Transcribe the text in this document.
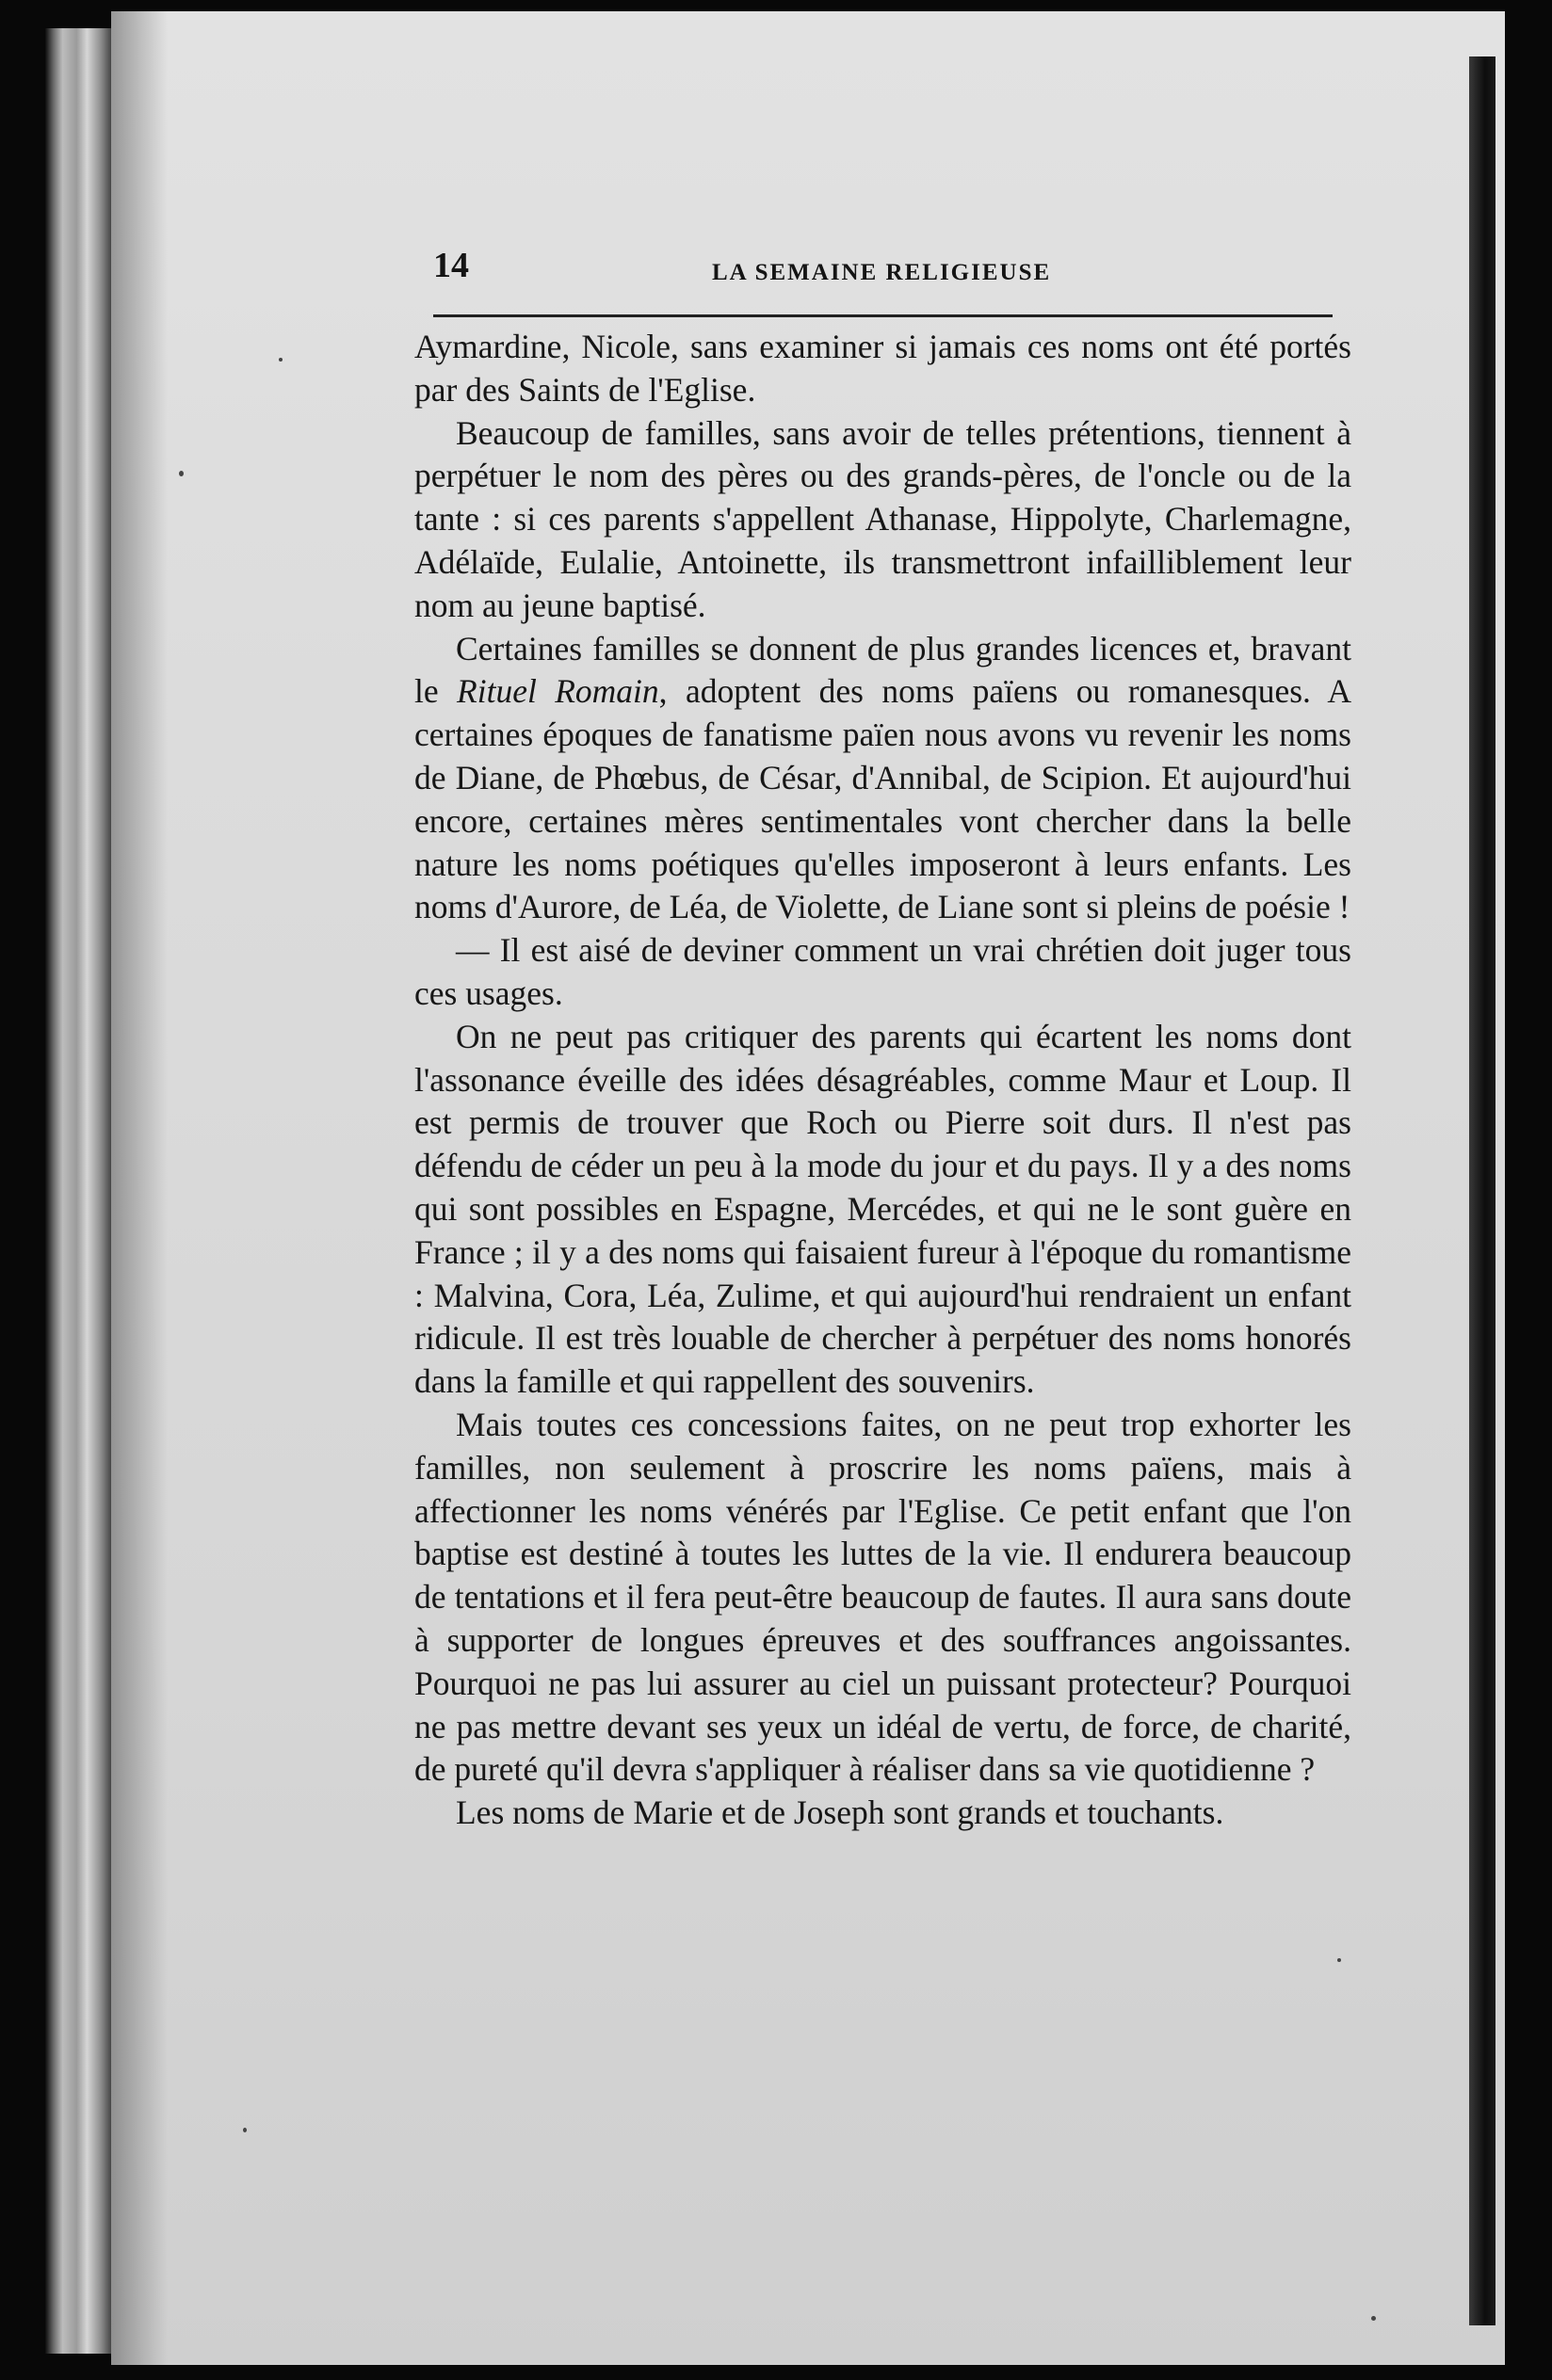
14	LA SEMAINE RELIGIEUSE

Aymardine, Nicole, sans examiner si jamais ces noms ont été portés par des Saints de l'Eglise.

Beaucoup de familles, sans avoir de telles prétentions, tiennent à perpétuer le nom des pères ou des grands-pères, de l'oncle ou de la tante : si ces parents s'appellent Athanase, Hippolyte, Charlemagne, Adélaïde, Eulalie, Antoinette, ils transmettront infailliblement leur nom au jeune baptisé.

Certaines familles se donnent de plus grandes licences et, bravant le Rituel Romain, adoptent des noms païens ou romanesques. A certaines époques de fanatisme païen nous avons vu revenir les noms de Diane, de Phœbus, de César, d'Annibal, de Scipion. Et aujourd'hui encore, certaines mères sentimentales vont chercher dans la belle nature les noms poétiques qu'elles imposeront à leurs enfants. Les noms d'Aurore, de Léa, de Violette, de Liane sont si pleins de poésie !

— Il est aisé de deviner comment un vrai chrétien doit juger tous ces usages.

On ne peut pas critiquer des parents qui écartent les noms dont l'assonance éveille des idées désagréables, comme Maur et Loup. Il est permis de trouver que Roch ou Pierre soit durs. Il n'est pas défendu de céder un peu à la mode du jour et du pays. Il y a des noms qui sont possibles en Espagne, Mercédes, et qui ne le sont guère en France ; il y a des noms qui faisaient fureur à l'époque du romantisme : Malvina, Cora, Léa, Zulime, et qui aujourd'hui rendraient un enfant ridicule. Il est très louable de chercher à perpétuer des noms honorés dans la famille et qui rappellent des souvenirs.

Mais toutes ces concessions faites, on ne peut trop exhorter les familles, non seulement à proscrire les noms païens, mais à affectionner les noms vénérés par l'Eglise. Ce petit enfant que l'on baptise est destiné à toutes les luttes de la vie. Il endurera beaucoup de tentations et il fera peut-être beaucoup de fautes. Il aura sans doute à supporter de longues épreuves et des souffrances angoissantes. Pourquoi ne pas lui assurer au ciel un puissant protecteur? Pourquoi ne pas mettre devant ses yeux un idéal de vertu, de force, de charité, de pureté qu'il devra s'appliquer à réaliser dans sa vie quotidienne ?

Les noms de Marie et de Joseph sont grands et touchants.
